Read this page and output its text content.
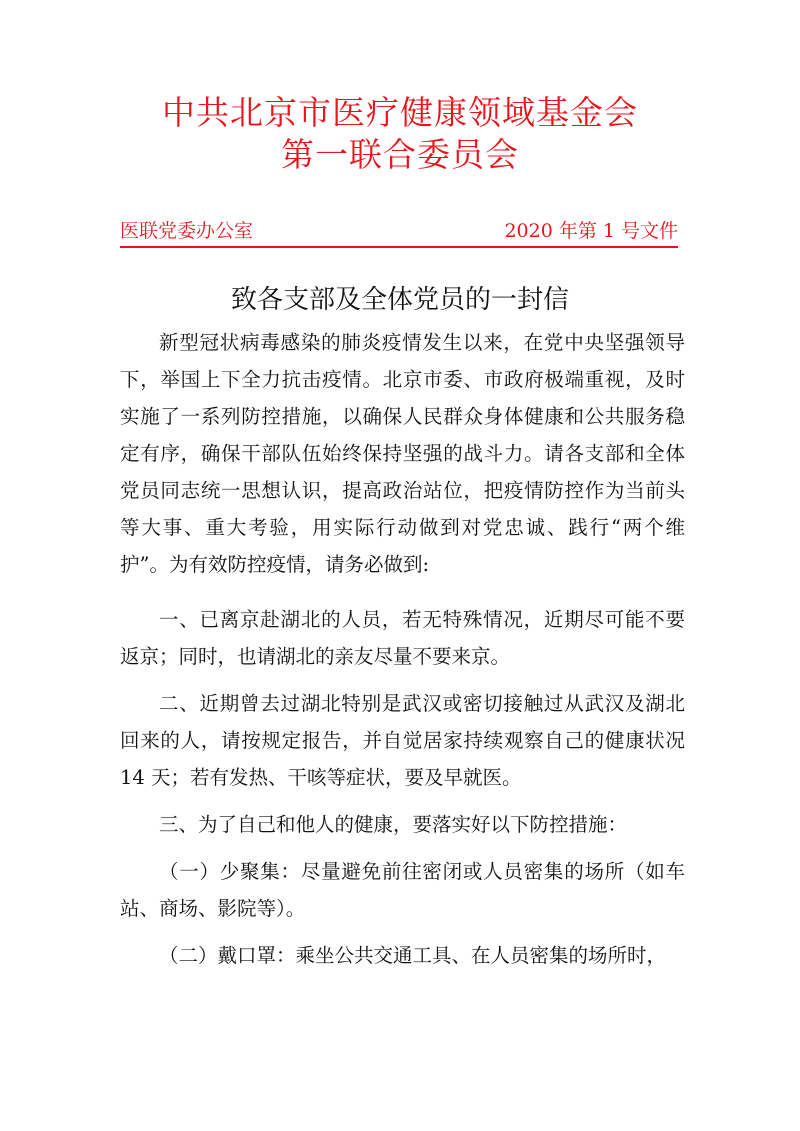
中共北京市医疗健康领域基金会
第一联合委员会
医联党委办公室	2020 年第 1 号文件
致各支部及全体党员的一封信

新型冠状病毒感染的肺炎疫情发生以来，在党中央坚强领导下，举国上下全力抗击疫情。北京市委、市政府极端重视，及时实施了一系列防控措施，以确保人民群众身体健康和公共服务稳定有序，确保干部队伍始终保持坚强的战斗力。请各支部和全体党员同志统一思想认识，提高政治站位，把疫情防控作为当前头等大事、重大考验，用实际行动做到对党忠诚、践行“两个维护”。为有效防控疫情，请务必做到:

一、已离京赴湖北的人员，若无特殊情况，近期尽可能不要返京；同时，也请湖北的亲友尽量不要来京。

二、近期曾去过湖北特别是武汉或密切接触过从武汉及湖北回来的人，请按规定报告，并自觉居家持续观察自己的健康状况 14 天；若有发热、干咳等症状，要及早就医。

三、为了自己和他人的健康，要落实好以下防控措施：

（一）少聚集：尽量避免前往密闭或人员密集的场所（如车站、商场、影院等）。

（二）戴口罩：乘坐公共交通工具、在人员密集的场所时，
